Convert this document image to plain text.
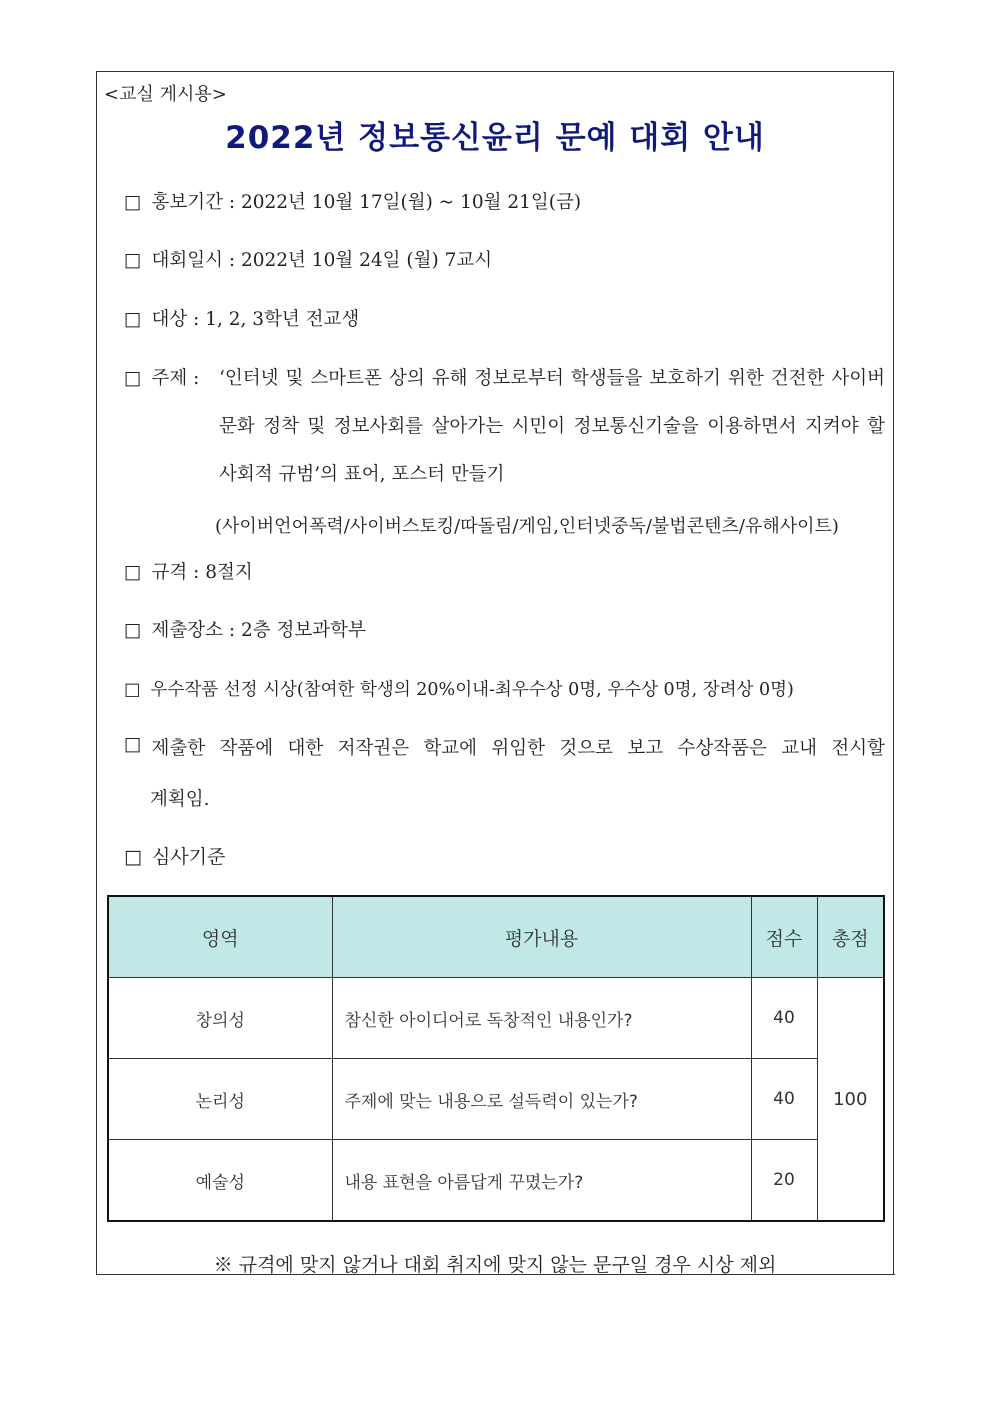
<교실 게시용>
2022년 정보통신윤리 문예 대회 안내
□ 홍보기간 : 2022년 10월 17일(월) ~ 10월 21일(금)
□ 대회일시 : 2022년 10월 24일 (월) 7교시
□ 대상 : 1, 2, 3학년 전교생
□ 주제 : ‘인터넷 및 스마트폰 상의 유해 정보로부터 학생들을 보호하기 위한 건전한 사이버
문화 정착 및 정보사회를 살아가는 시민이 정보통신기술을 이용하면서 지켜야 할
사회적 규범’의 표어, 포스터 만들기
(사이버언어폭력/사이버스토킹/따돌림/게임,인터넷중독/불법콘텐츠/유해사이트)
□ 규격 : 8절지
□ 제출장소 : 2층 정보과학부
□ 우수작품 선정 시상(참여한 학생의 20%이내-최우수상 0명, 우수상 0명, 장려상 0명)
□ 제출한 작품에 대한 저작권은 학교에 위임한 것으로 보고 수상작품은 교내 전시할
계획임.
□ 심사기준
영역	평가내용	점수	총점
창의성	참신한 아이디어로 독창적인 내용인가?	40	100
논리성	주제에 맞는 내용으로 설득력이 있는가?	40	
예술성	내용 표현을 아름답게 꾸몄는가?	20	
※ 규격에 맞지 않거나 대회 취지에 맞지 않는 문구일 경우 시상 제외
